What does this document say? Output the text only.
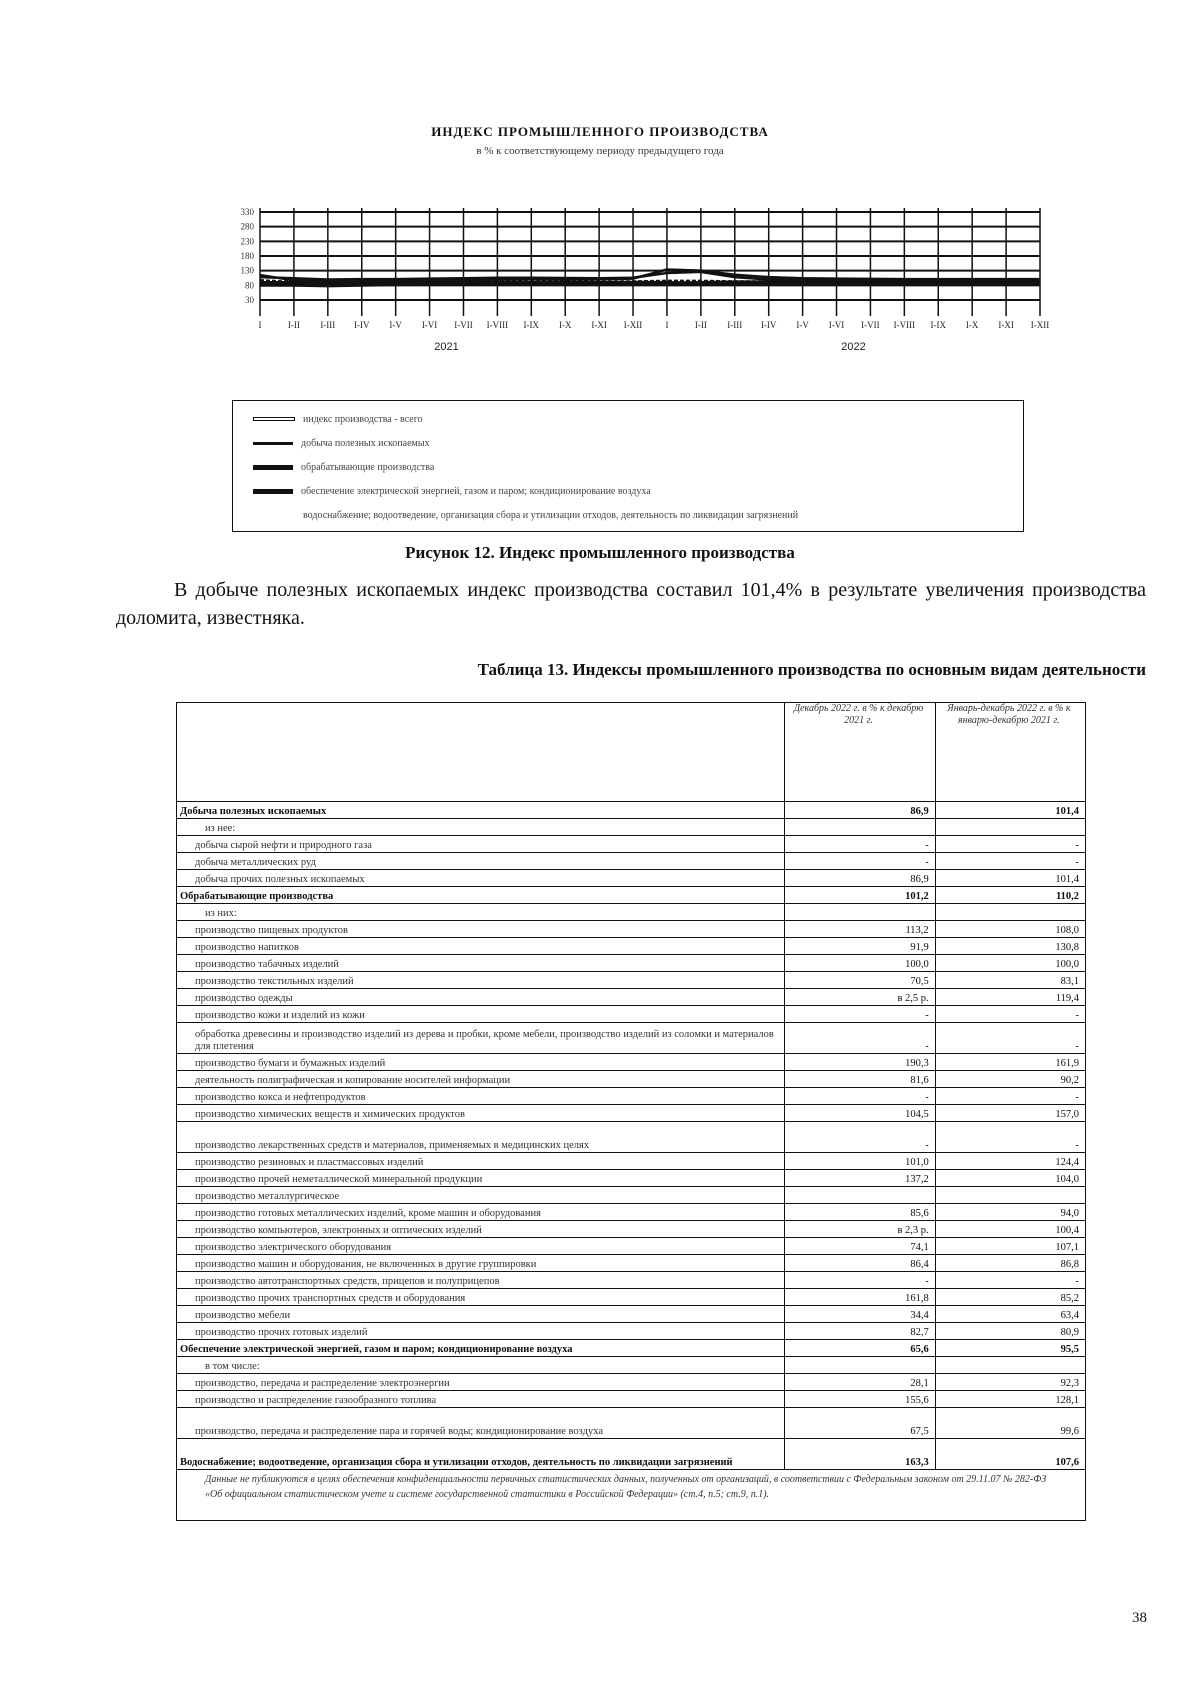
ИНДЕКС ПРОМЫШЛЕННОГО ПРОИЗВОДСТВА
в % к соответствующему периоду предыдущего года
330
280
230
180
130
80
30
I	I-II I-III I-IV I-V I-VI I-VII I-VIII I-IX I-X I-XI I-XII	I	I-II I-III I-IV I-V I-VI I-VII I-VIII I-IX I-X I-XI I-XII
2021	2022
индекс производства - всего
добыча полезных ископаемых
обрабатывающие производства
обеспечение электрической энергией, газом и паром; кондиционирование воздуха
водоснабжение; водоотведение, организация сбора и утилизации отходов, деятельность по ликвидации загрязнений
Рисунок 12. Индекс промышленного производства
В добыче полезных ископаемых индекс производства составил 101,4% в результате увеличения производства доломита, известняка.
Таблица 13. Индексы промышленного производства по основным видам деятельности
	Декабрь 2022 г. в % к декабрю 2021 г.	Январь-декабрь 2022 г. в % к январю-декабрю 2021 г.
Добыча полезных ископаемых	86,9	101,4
из нее:		
добыча сырой нефти и природного газа	-	-
добыча металлических руд	-	-
добыча прочих полезных ископаемых	86,9	101,4
Обрабатывающие производства	101,2	110,2
из них:		
производство пищевых продуктов	113,2	108,0
производство напитков	91,9	130,8
производство табачных изделий	100,0	100,0
производство текстильных изделий	70,5	83,1
производство одежды	в 2,5 р.	119,4
производство кожи и изделий из кожи	-	-
обработка древесины и производство изделий из дерева и пробки, кроме мебели, производство изделий из соломки и материалов для плетения	-	-
производство бумаги и бумажных изделий	190,3	161,9
деятельность полиграфическая и копирование носителей информации	81,6	90,2
производство кокса и нефтепродуктов	-	-
производство химических веществ и химических продуктов	104,5	157,0
производство лекарственных средств и материалов, применяемых в медицинских целях	-	-
производство резиновых и пластмассовых изделий	101,0	124,4
производство прочей неметаллической минеральной продукции	137,2	104,0
производство металлургическое		
производство готовых металлических изделий, кроме машин и оборудования	85,6	94,0
производство компьютеров, электронных и оптических изделий	в 2,3 р.	100,4
производство электрического оборудования	74,1	107,1
производство машин и оборудования, не включенных в другие группировки	86,4	86,8
производство автотранспортных средств, прицепов и полуприцепов	-	-
производство прочих транспортных средств и оборудования	161,8	85,2
производство мебели	34,4	63,4
производство прочих готовых изделий	82,7	80,9
Обеспечение электрической энергией, газом и паром; кондиционирование воздуха	65,6	95,5
в том числе:		
производство, передача и распределение электроэнергии	28,1	92,3
производство и распределение газообразного топлива	155,6	128,1
производство, передача и распределение пара и горячей воды; кондиционирование воздуха	67,5	99,6
Водоснабжение; водоотведение, организация сбора и утилизации отходов, деятельность по ликвидации загрязнений	163,3	107,6
Данные не публикуются в целях обеспечения конфиденциальности первичных статистических данных, полученных от организаций, в соответствии с Федеральным законом от 29.11.07 № 282-ФЗ «Об официальном статистическом учете и системе государственной статистики в Российской Федерации» (ст.4, п.5; ст.9, п.1).		
38
